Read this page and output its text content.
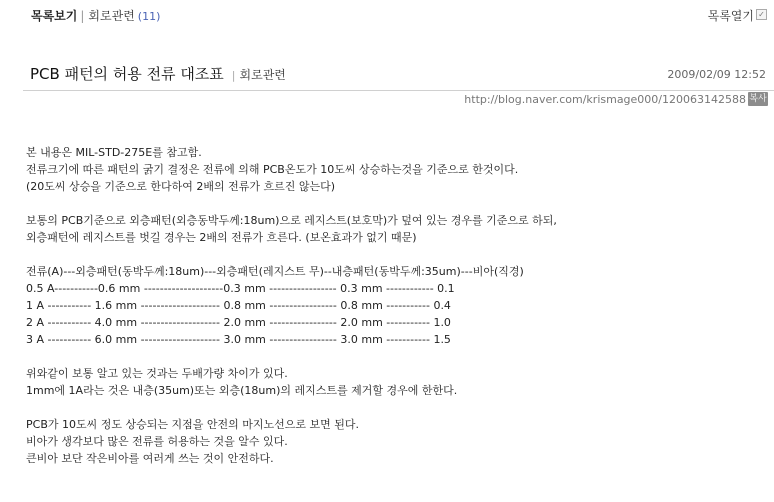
목록보기 | 회로관련 (11)	목록열기 ✓
PCB 패턴의 허용 전류 대조표 | 회로관련	2009/02/09 12:52
http://blog.naver.com/krismage000/120063142588 복사
본 내용은 MIL-STD-275E를 참고함.
전류크기에 따른 패턴의 굵기 결정은 전류에 의해 PCB온도가 10도씨 상승하는것을 기준으로 한것이다.
(20도씨 상승을 기준으로 한다하여 2배의 전류가 흐르진 않는다)
보통의 PCB기준으로 외층패턴(외층동박두께:18um)으로 레지스트(보호막)가 덮여 있는 경우를 기준으로 하되,
외층패턴에 레지스트를 벗길 경우는 2배의 전류가 흐른다. (보온효과가 없기 때문)
전류(A)---외층패턴(동박두께:18um)---외층패턴(레지스트 무)--내층패턴(동박두께:35um)---비아(직경)
0.5 A-----------0.6 mm --------------------0.3 mm ----------------- 0.3 mm ------------ 0.1
1 A ----------- 1.6 mm -------------------- 0.8 mm ----------------- 0.8 mm ----------- 0.4
2 A ----------- 4.0 mm -------------------- 2.0 mm ----------------- 2.0 mm ----------- 1.0
3 A ----------- 6.0 mm -------------------- 3.0 mm ----------------- 3.0 mm ----------- 1.5
위와같이 보통 알고 있는 것과는 두배가량 차이가 있다.
1mm에 1A라는 것은 내층(35um)또는 외층(18um)의 레지스트를 제거할 경우에 한한다.
PCB가 10도씨 정도 상승되는 지점을 안전의 마지노선으로 보면 된다.
비아가 생각보다 많은 전류를 허용하는 것을 알수 있다.
큰비아 보단 작은비아를 여러게 쓰는 것이 안전하다.
